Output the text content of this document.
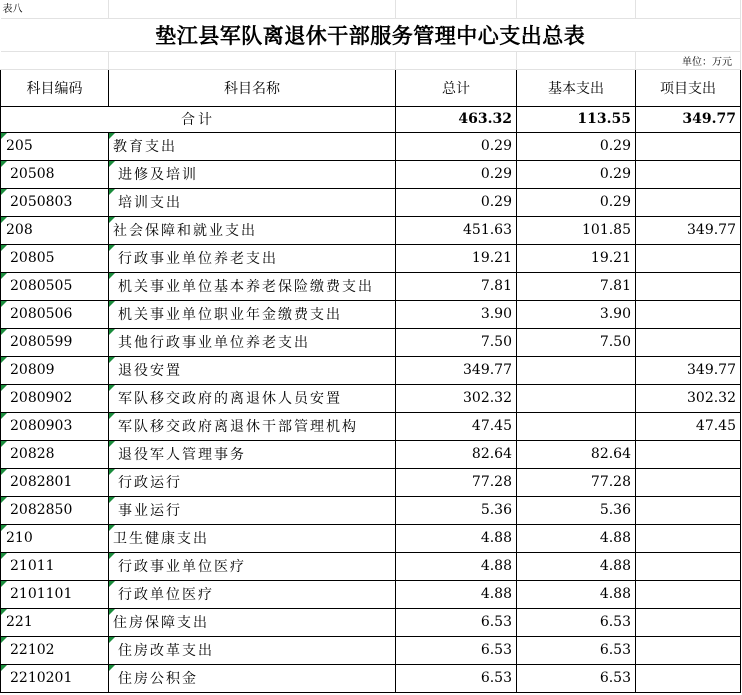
表八				
垫江县军队离退休干部服务管理中心支出总表				
				单位：万元
科目编码	科目名称	总计	基本支出	项目支出
合计		463.32	113.55	349.77

205	教育支出	0.29	0.29	

20508	进修及培训	0.29	0.29	

2050803	培训支出	0.29	0.29	

208	社会保障和就业支出	451.63	101.85	349.77

20805	行政事业单位养老支出	19.21	19.21	

2080505	机关事业单位基本养老保险缴费支出	7.81	7.81	

2080506	机关事业单位职业年金缴费支出	3.90	3.90	

2080599	其他行政事业单位养老支出	7.50	7.50	

20809	退役安置	349.77		349.77

2080902	军队移交政府的离退休人员安置	302.32		302.32

2080903	军队移交政府离退休干部管理机构	47.45		47.45

20828	退役军人管理事务	82.64	82.64	

2082801	行政运行	77.28	77.28	

2082850	事业运行	5.36	5.36	

210	卫生健康支出	4.88	4.88	

21011	行政事业单位医疗	4.88	4.88	

2101101	行政单位医疗	4.88	4.88	

221	住房保障支出	6.53	6.53	

22102	住房改革支出	6.53	6.53	

2210201	住房公积金	6.53	6.53	
